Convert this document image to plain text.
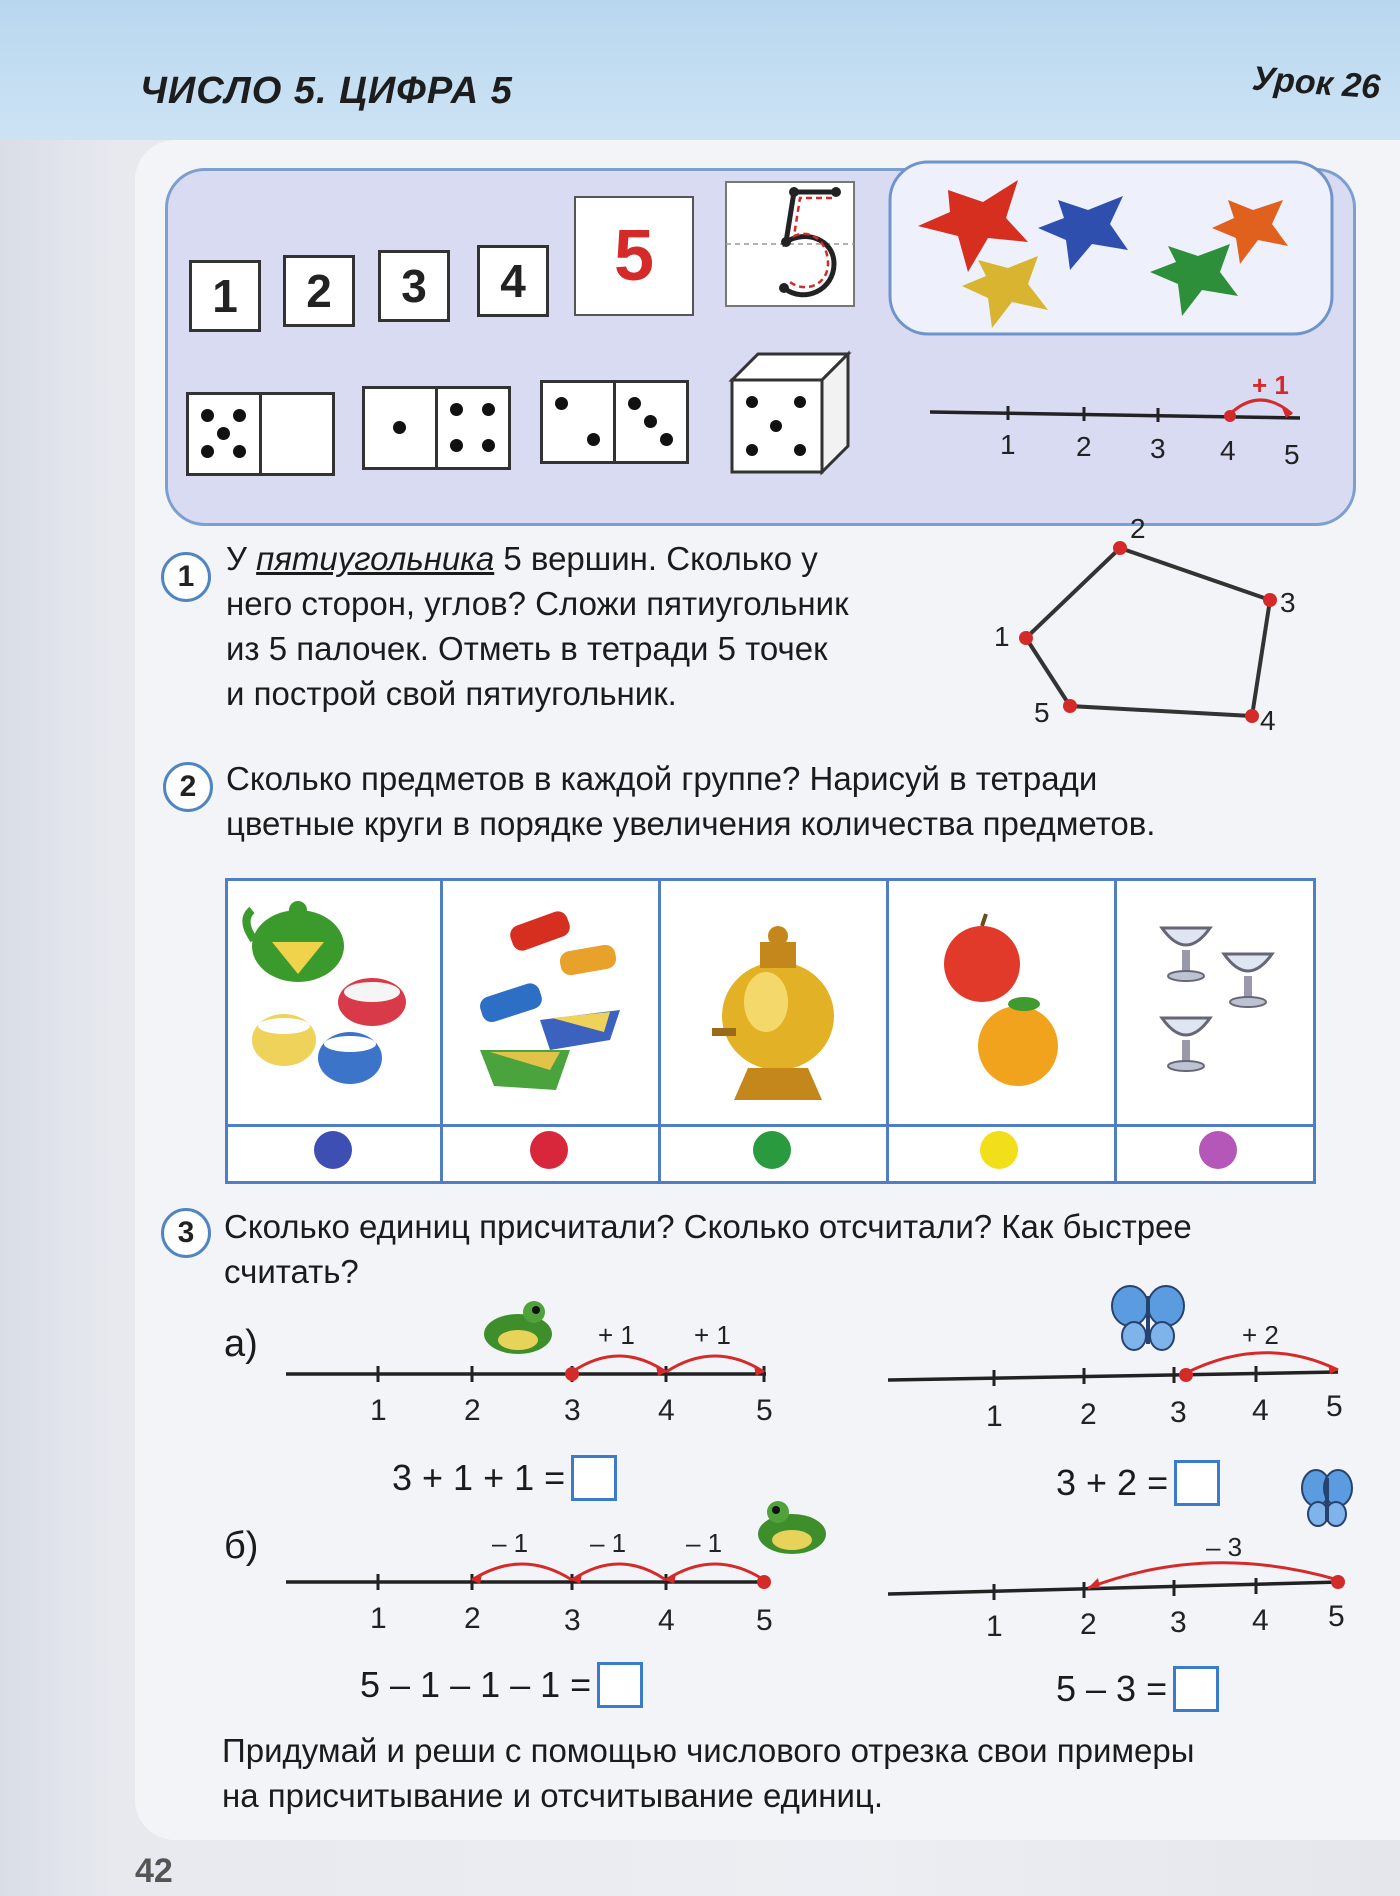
ЧИСЛО 5. ЦИФРА 5	Урок 26
1	2	3	4	5
+ 1
1 2 3 4 5
1 У пятиугольника 5 вершин. Сколько у
него сторон, углов? Сложи пятиугольник
из 5 палочек. Отметь в тетради 5 точек
и построй свой пятиугольник.
1
2
3
4
5
2 Сколько предметов в каждой группе? Нарисуй в тетради
цветные круги в порядке увеличения количества предметов.
3 Сколько единиц присчитали? Сколько отсчитали? Как быстрее
считать?
а)
б)
+ 1 + 1
1	2	3	4	5
+ 2
1	2 3 4 5
3 + 1 + 1 =	3 + 2 =
– 1 – 1 – 1
1	2	3	4	5
– 3
1	2 3 4 5
5 – 1 – 1 – 1 =	5 – 3 =
Придумай и реши с помощью числового отрезка свои примеры
на присчитывание и отсчитывание единиц.
42
